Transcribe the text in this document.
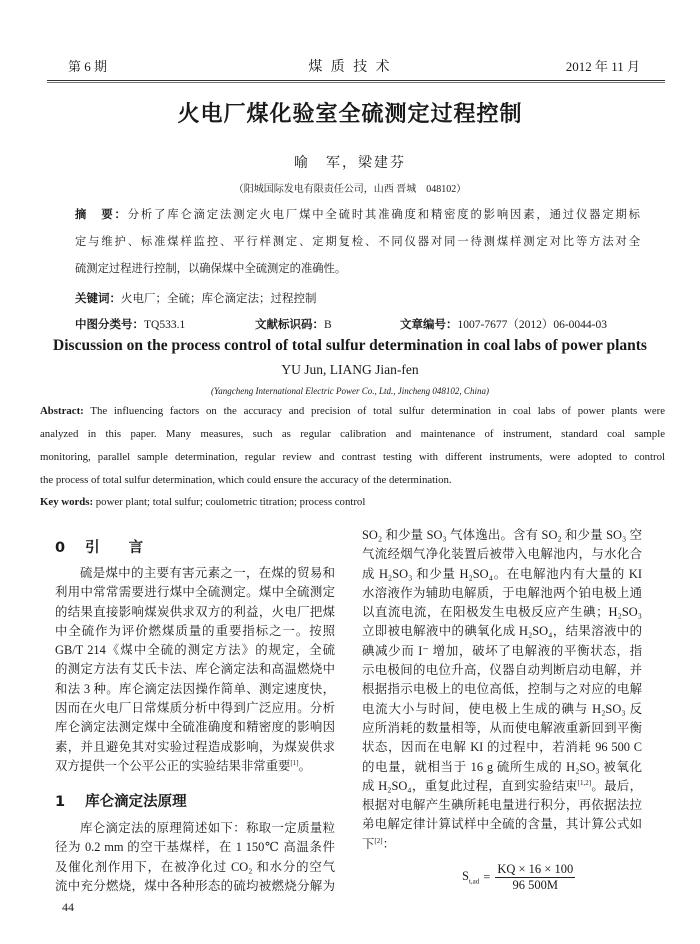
第 6 期	煤 质 技 术	2012 年 11 月
火电厂煤化验室全硫测定过程控制
喻　军，梁建芬
（阳城国际发电有限责任公司，山西 晋城　048102）
摘　要：分析了库仑滴定法测定火电厂煤中全硫时其准确度和精密度的影响因素，通过仪器定期标
定与维护、标准煤样监控、平行样测定、定期复检、不同仪器对同一待测煤样测定对比等方法对全
硫测定过程进行控制，以确保煤中全硫测定的准确性。
关键词：火电厂；全硫；库仑滴定法；过程控制
中图分类号：TQ533.1	文献标识码：B	文章编号：1007-7677（2012）06-0044-03
Discussion on the process control of total sulfur determination in coal labs of power plants
YU Jun, LIANG Jian-fen
(Yangcheng International Electric Power Co., Ltd., Jincheng 048102, China)
Abstract: The influencing factors on the accuracy and precision of total sulfur determination in coal labs of power plants were
analyzed in this paper. Many measures, such as regular calibration and maintenance of instrument, standard coal sample
monitoring, parallel sample determination, regular review and contrast testing with different instruments, were adopted to control
the process of total sulfur determination, which could ensure the accuracy of the determination.
Key words: power plant; total sulfur; coulometric titration; process control
0 引　　言
硫是煤中的主要有害元素之一，在煤的贸易和
利用中常常需要进行煤中全硫测定。煤中全硫测定
的结果直接影响煤炭供求双方的利益，火电厂把煤
中全硫作为评价燃煤质量的重要指标之一。按照
GB/T 214《煤中全硫的测定方法》的规定，全硫
的测定方法有艾氏卡法、库仑滴定法和高温燃烧中
和法 3 种。库仑滴定法因操作简单、测定速度快，
因而在火电厂日常煤质分析中得到广泛应用。分析
库仑滴定法测定煤中全硫准确度和精密度的影响因
素，并且避免其对实验过程造成影响，为煤炭供求
双方提供一个公平公正的实验结果非常重要[1]。
1 库仑滴定法原理
库仑滴定法的原理简述如下：称取一定质量粒
径为 0.2 mm 的空干基煤样，在 1 150℃ 高温条件
及催化剂作用下，在被净化过 CO₂ 和水分的空气
流中充分燃烧，煤中各种形态的硫均被燃烧分解为
44
SO₂ 和少量 SO₃ 气体逸出。含有 SO₂ 和少量 SO₃ 空
气流经烟气净化装置后被带入电解池内，与水化合
成 H₂SO₃ 和少量 H₂SO₄。在电解池内有大量的 KI
水溶液作为辅助电解质，于电解池两个铂电极上通
以直流电流，在阳极发生电极反应产生碘；H₂SO₃
立即被电解液中的碘氧化成 H₂SO₄，结果溶液中的
碘减少而 I⁻ 增加，破坏了电解液的平衡状态，指
示电极间的电位升高，仪器自动判断启动电解，并
根据指示电极上的电位高低，控制与之对应的电解
电流大小与时间，使电极上生成的碘与 H₂SO₃ 反
应所消耗的数量相等，从而使电解液重新回到平衡
状态，因而在电解 KI 的过程中，若消耗 96 500 C
的电量，就相当于 16 g 硫所生成的 H₂SO₃ 被氧化
成 H₂SO₄，重复此过程，直到实验结束[1,2]。最后，
根据对电解产生碘所耗电量进行积分，再依据法拉
弟电解定律计算试样中全硫的含量，其计算公式如
下[2]：
$S_{t,ad} = \frac{KQ \times 16 \times 100}{96 500M}$
